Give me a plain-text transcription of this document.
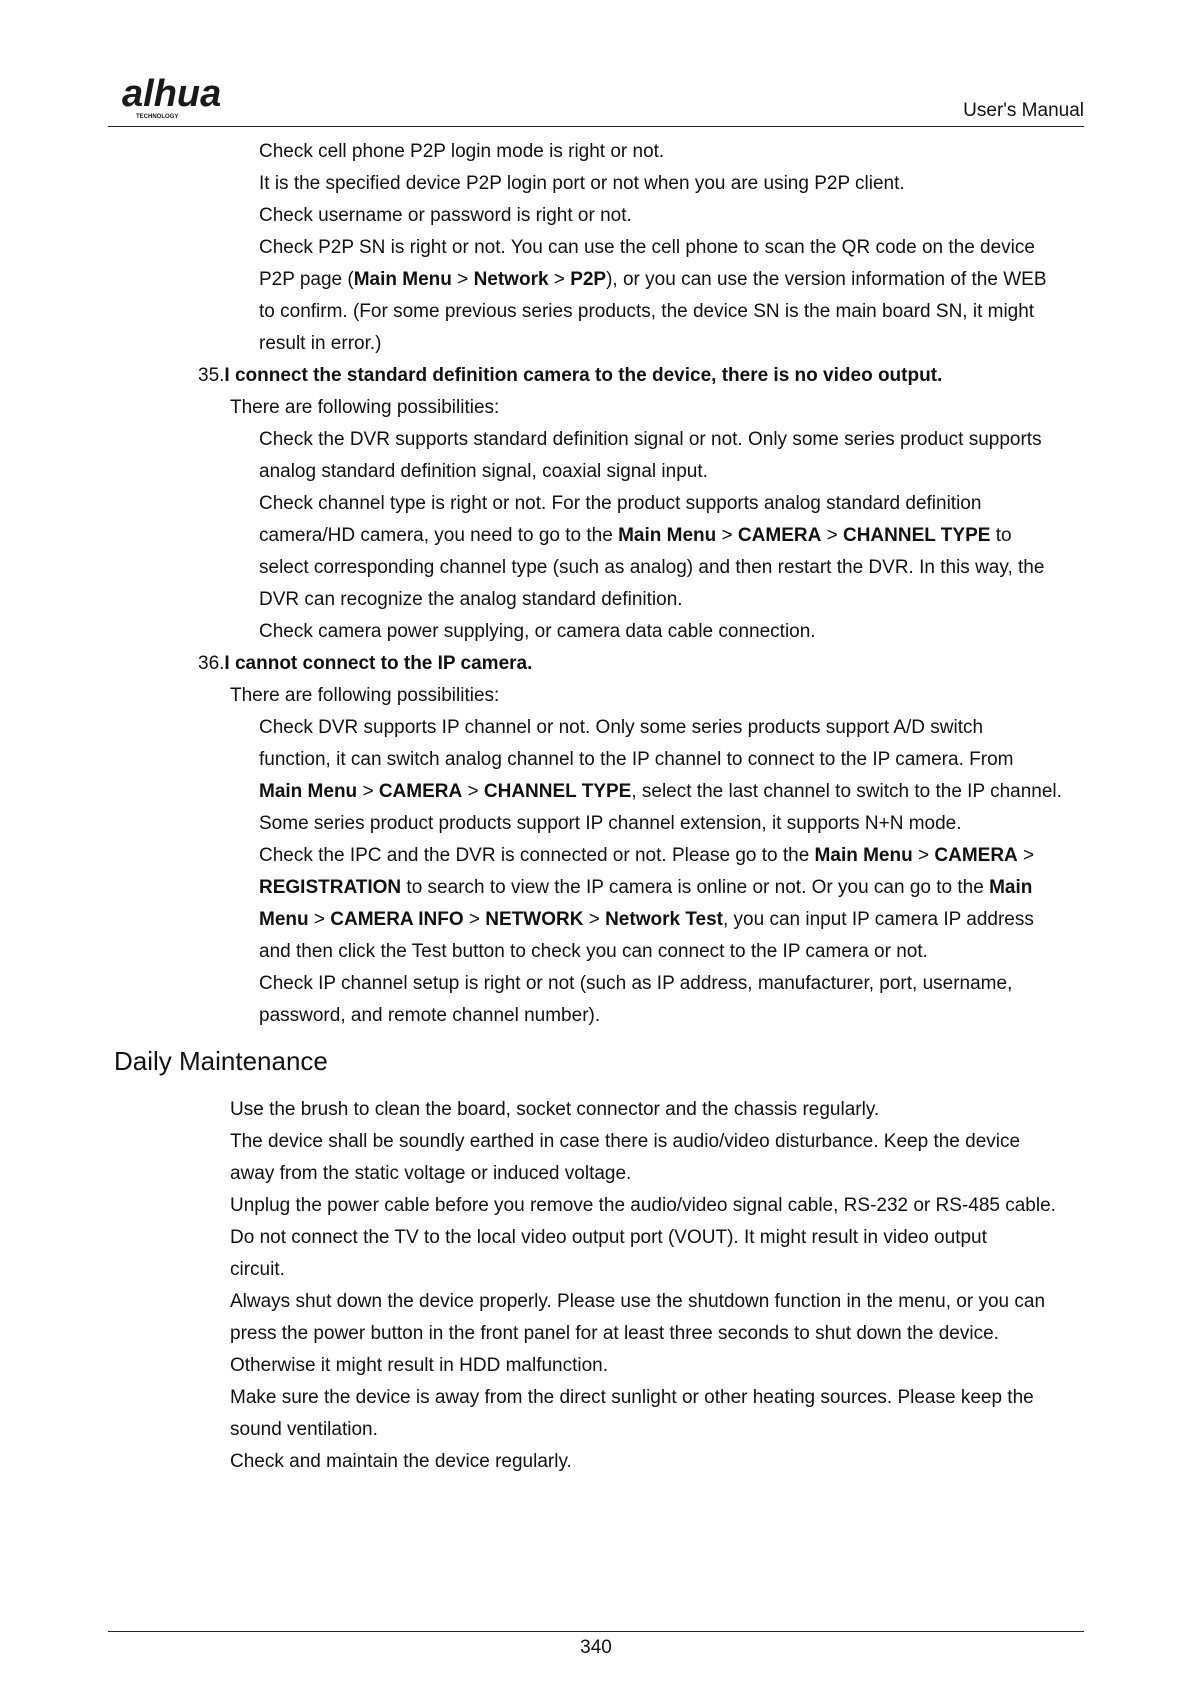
alhua
TECHNOLOGY	User's Manual
Check cell phone P2P login mode is right or not.
It is the specified device P2P login port or not when you are using P2P client.
Check username or password is right or not.
Check P2P SN is right or not. You can use the cell phone to scan the QR code on the device
P2P page (Main Menu > Network > P2P), or you can use the version information of the WEB
to confirm. (For some previous series products, the device SN is the main board SN, it might
result in error.)
35.I connect the standard definition camera to the device, there is no video output.
There are following possibilities:
Check the DVR supports standard definition signal or not. Only some series product supports
analog standard definition signal, coaxial signal input.
Check channel type is right or not. For the product supports analog standard definition
camera/HD camera, you need to go to the Main Menu > CAMERA > CHANNEL TYPE to
select corresponding channel type (such as analog) and then restart the DVR. In this way, the
DVR can recognize the analog standard definition.
Check camera power supplying, or camera data cable connection.
36.I cannot connect to the IP camera.
There are following possibilities:
Check DVR supports IP channel or not. Only some series products support A/D switch
function, it can switch analog channel to the IP channel to connect to the IP camera. From
Main Menu > CAMERA > CHANNEL TYPE, select the last channel to switch to the IP channel.
Some series product products support IP channel extension, it supports N+N mode.
Check the IPC and the DVR is connected or not. Please go to the Main Menu > CAMERA >
REGISTRATION to search to view the IP camera is online or not. Or you can go to the Main
Menu > CAMERA INFO > NETWORK > Network Test, you can input IP camera IP address
and then click the Test button to check you can connect to the IP camera or not.
Check IP channel setup is right or not (such as IP address, manufacturer, port, username,
password, and remote channel number).
Daily Maintenance
Use the brush to clean the board, socket connector and the chassis regularly.
The device shall be soundly earthed in case there is audio/video disturbance. Keep the device
away from the static voltage or induced voltage.
Unplug the power cable before you remove the audio/video signal cable, RS-232 or RS-485 cable.
Do not connect the TV to the local video output port (VOUT). It might result in video output
circuit.
Always shut down the device properly. Please use the shutdown function in the menu, or you can
press the power button in the front panel for at least three seconds to shut down the device.
Otherwise it might result in HDD malfunction.
Make sure the device is away from the direct sunlight or other heating sources. Please keep the
sound ventilation.
Check and maintain the device regularly.
340
